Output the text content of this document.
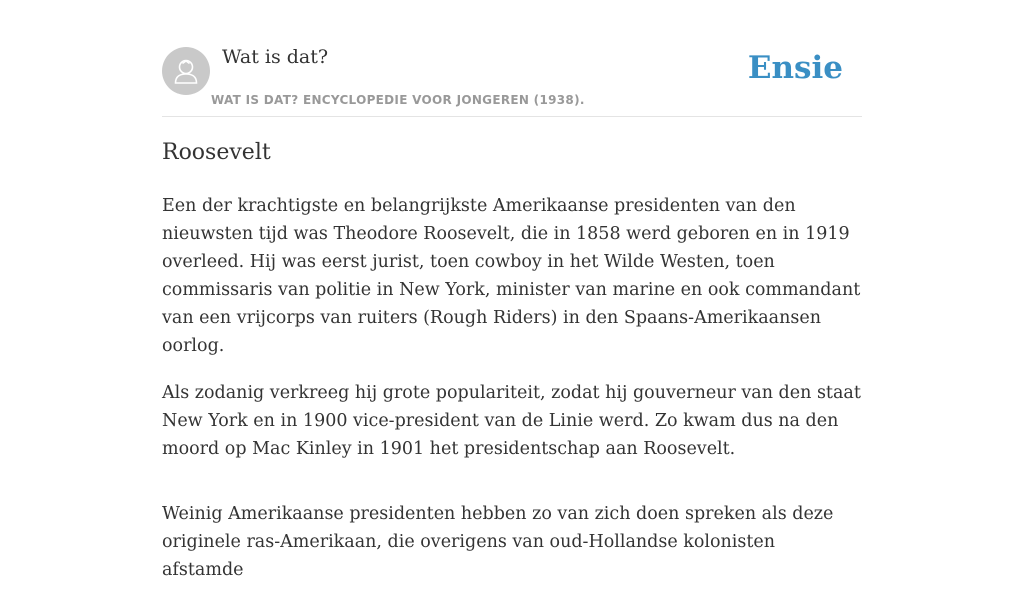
Wat is dat?
WAT IS DAT? ENCYCLOPEDIE VOOR JONGEREN (1938).
Ensie
Roosevelt

Een der krachtigste en belangrijkste Amerikaanse presidenten van den nieuwsten tijd was Theodore Roosevelt, die in 1858 werd geboren en in 1919 overleed. Hij was eerst jurist, toen cowboy in het Wilde Westen, toen commissaris van politie in New York, minister van marine en ook commandant van een vrijcorps van ruiters (Rough Riders) in den Spaans-Amerikaansen oorlog.

Als zodanig verkreeg hij grote populariteit, zodat hij gouverneur van den staat New York en in 1900 vice-president van de Linie werd. Zo kwam dus na den moord op Mac Kinley in 1901 het presidentschap aan Roosevelt.

Weinig Amerikaanse presidenten hebben zo van zich doen spreken als deze originele ras-Amerikaan, die overigens van oud-Hollandse kolonisten afstamde
